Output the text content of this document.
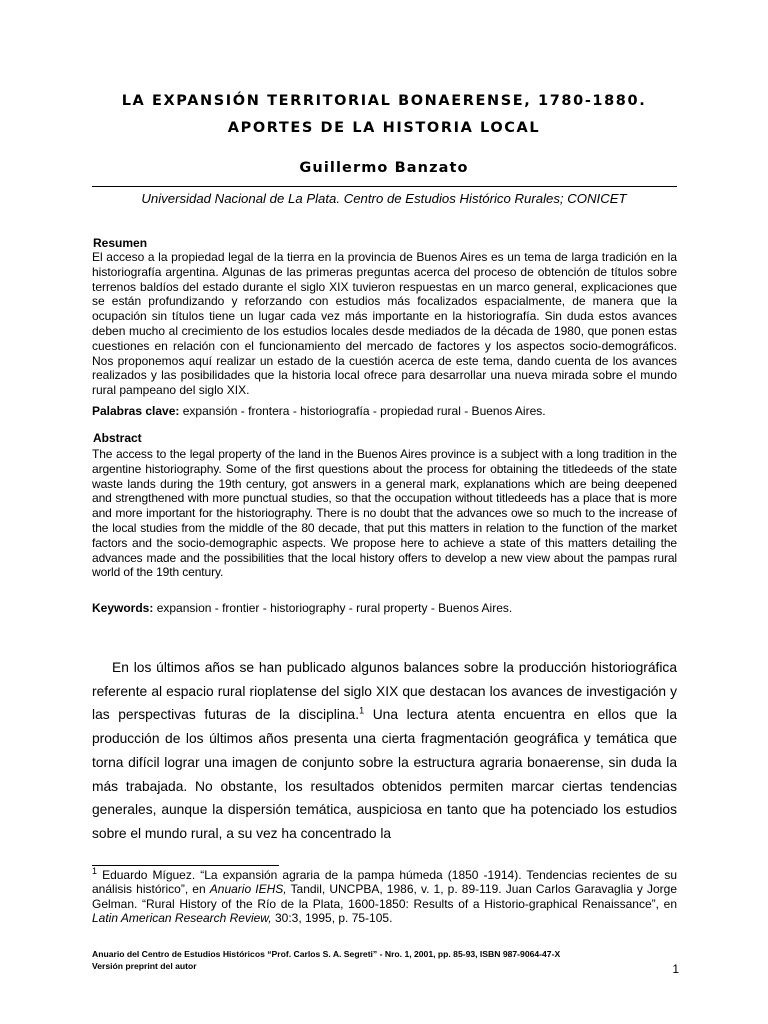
LA EXPANSIÓN TERRITORIAL BONAERENSE, 1780-1880.
APORTES DE LA HISTORIA LOCAL
Guillermo Banzato
Universidad Nacional de La Plata. Centro de Estudios Histórico Rurales; CONICET
Resumen
El acceso a la propiedad legal de la tierra en la provincia de Buenos Aires es un tema de larga tradición en la historiografía argentina. Algunas de las primeras preguntas acerca del proceso de obtención de títulos sobre terrenos baldíos del estado durante el siglo XIX tuvieron respuestas en un marco general, explicaciones que se están profundizando y reforzando con estudios más focalizados espacialmente, de manera que la ocupación sin títulos tiene un lugar cada vez más importante en la historiografía. Sin duda estos avances deben mucho al crecimiento de los estudios locales desde mediados de la década de 1980, que ponen estas cuestiones en relación con el funcionamiento del mercado de factores y los aspectos socio-demográficos. Nos proponemos aquí realizar un estado de la cuestión acerca de este tema, dando cuenta de los avances realizados y las posibilidades que la historia local ofrece para desarrollar una nueva mirada sobre el mundo rural pampeano del siglo XIX.
Palabras clave: expansión - frontera - historiografía - propiedad rural - Buenos Aires.
Abstract
The access to the legal property of the land in the Buenos Aires province is a subject with a long tradition in the argentine historiography. Some of the first questions about the process for obtaining the titledeeds of the state waste lands during the 19th century, got answers in a general mark, explanations which are being deepened and strengthened with more punctual studies, so that the occupation without titledeeds has a place that is more and more important for the historiography. There is no doubt that the advances owe so much to the increase of the local studies from the middle of the 80 decade, that put this matters in relation to the function of the market factors and the socio-demographic aspects. We propose here to achieve a state of this matters detailing the advances made and the possibilities that the local history offers to develop a new view about the pampas rural world of the 19th century.
Keywords: expansion - frontier - historiography - rural property - Buenos Aires.
En los últimos años se han publicado algunos balances sobre la producción historiográfica referente al espacio rural rioplatense del siglo XIX que destacan los avances de investigación y las perspectivas futuras de la disciplina.$^1$ Una lectura atenta encuentra en ellos que la producción de los últimos años presenta una cierta fragmentación geográfica y temática que torna difícil lograr una imagen de conjunto sobre la estructura agraria bonaerense, sin duda la más trabajada. No obstante, los resultados obtenidos permiten marcar ciertas tendencias generales, aunque la dispersión temática, auspiciosa en tanto que ha potenciado los estudios sobre el mundo rural, a su vez ha concentrado la
$^1$ Eduardo Míguez. “La expansión agraria de la pampa húmeda (1850 -1914). Tendencias recientes de su análisis histórico”, en Anuario IEHS, Tandil, UNCPBA, 1986, v. 1, p. 89-119. Juan Carlos Garavaglia y Jorge Gelman. “Rural History of the Río de la Plata, 1600-1850: Results of a Historio-graphical Renaissance”, en Latin American Research Review, 30:3, 1995, p. 75-105.
Anuario del Centro de Estudios Históricos “Prof. Carlos S. A. Segreti” - Nro. 1, 2001, pp. 85-93, ISBN 987-9064-47-X
Versión preprint del autor	1
